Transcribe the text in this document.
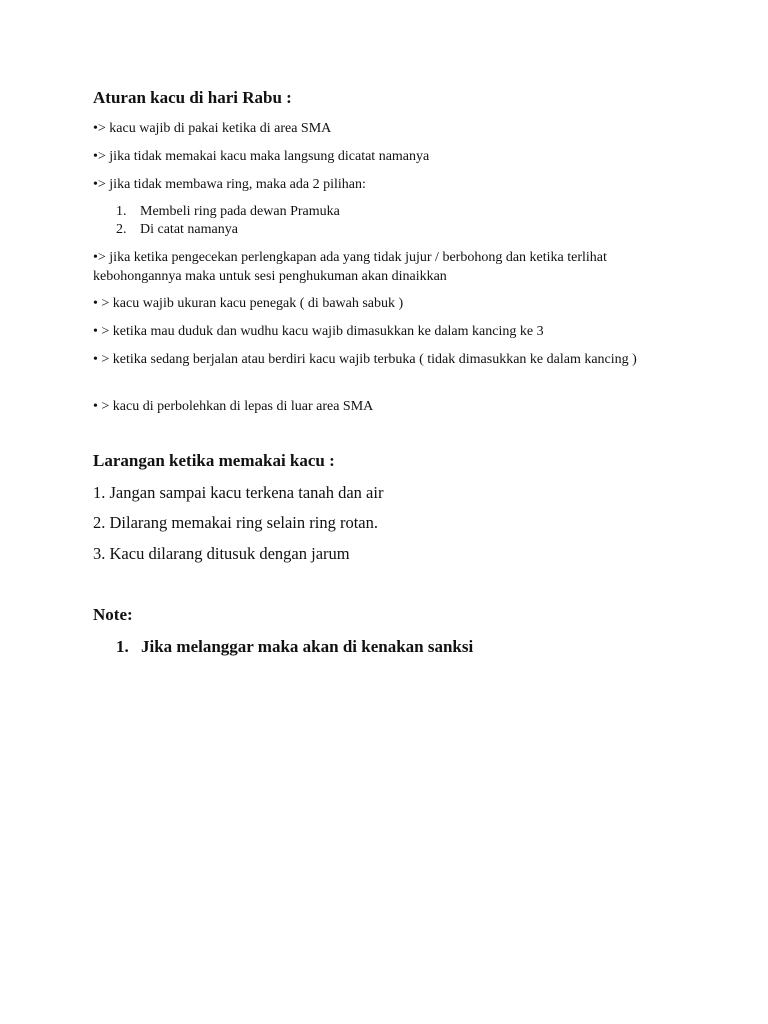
Aturan kacu di hari Rabu :
•> kacu wajib di pakai ketika di area SMA
•> jika tidak memakai kacu maka langsung dicatat namanya
•> jika tidak membawa ring, maka ada 2 pilihan:
1. Membeli ring pada dewan Pramuka
2. Di catat namanya
•> jika ketika pengecekan perlengkapan ada yang tidak jujur / berbohong dan ketika terlihat kebohongannya maka untuk sesi penghukuman akan dinaikkan
• > kacu wajib ukuran kacu penegak ( di bawah sabuk )
• > ketika mau duduk dan wudhu kacu wajib dimasukkan ke dalam kancing ke 3
• > ketika sedang berjalan atau berdiri kacu wajib terbuka ( tidak dimasukkan ke dalam kancing )
• > kacu di perbolehkan di lepas di luar area SMA
Larangan ketika memakai kacu :
1. Jangan sampai kacu terkena tanah dan air
2. Dilarang memakai ring selain ring rotan.
3. Kacu dilarang ditusuk dengan jarum
Note:
1. Jika melanggar maka akan di kenakan sanksi
